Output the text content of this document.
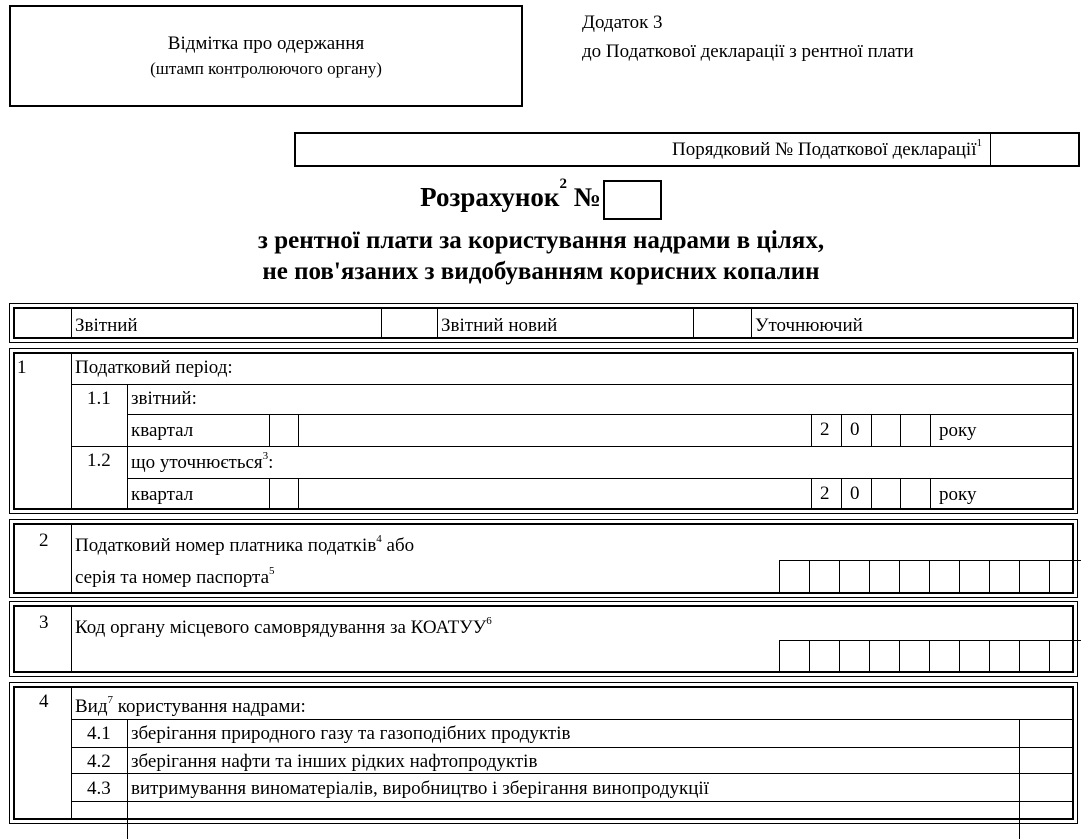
Відмітка про одержання
(штамп контролюючого органу)
Додаток 3
до Податкової декларації з рентної плати
Порядковий № Податкової декларації$^1$
Розрахунок$^2$ №
з рентної плати за користування надрами в цілях,
не пов'язаних з видобуванням корисних копалин
Звітний	Звітний новий	Уточнюючий
1	Податковий період:
1.1 звітний:
квартал	2 0	року
1.2 що уточнюється$^3$:
квартал	2 0	року
2 Податковий номер платника податків$^4$ або
серія та номер паспорта$^5$
3 Код органу місцевого самоврядування за КОАТУУ$^6$
4 Вид$^7$ користування надрами:
4.1 зберігання природного газу та газоподібних продуктів
4.2 зберігання нафти та інших рідких нафтопродуктів
4.3 витримування виноматеріалів, виробництво і зберігання винопродукції
